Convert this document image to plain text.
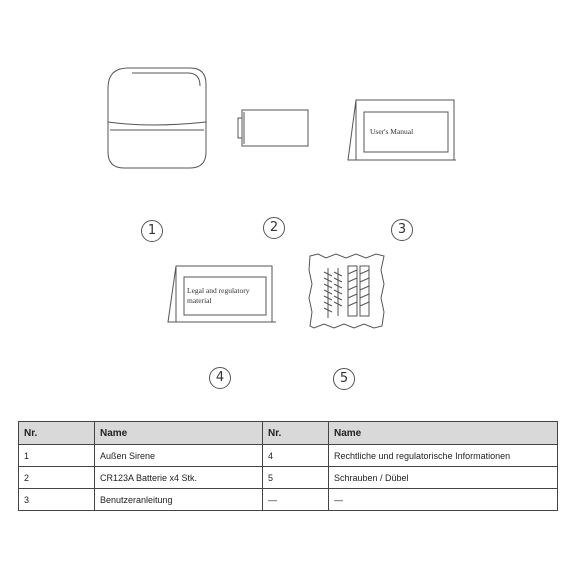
User's Manual
Legal and regulatory
material
1	2	3
4	5
Nr.	Name	Nr.	Name
1	Außen Sirene	4	Rechtliche und regulatorische Informationen
2	CR123A Batterie x4 Stk.	5	Schrauben / Dübel
3	Benutzeranleitung	—	—
